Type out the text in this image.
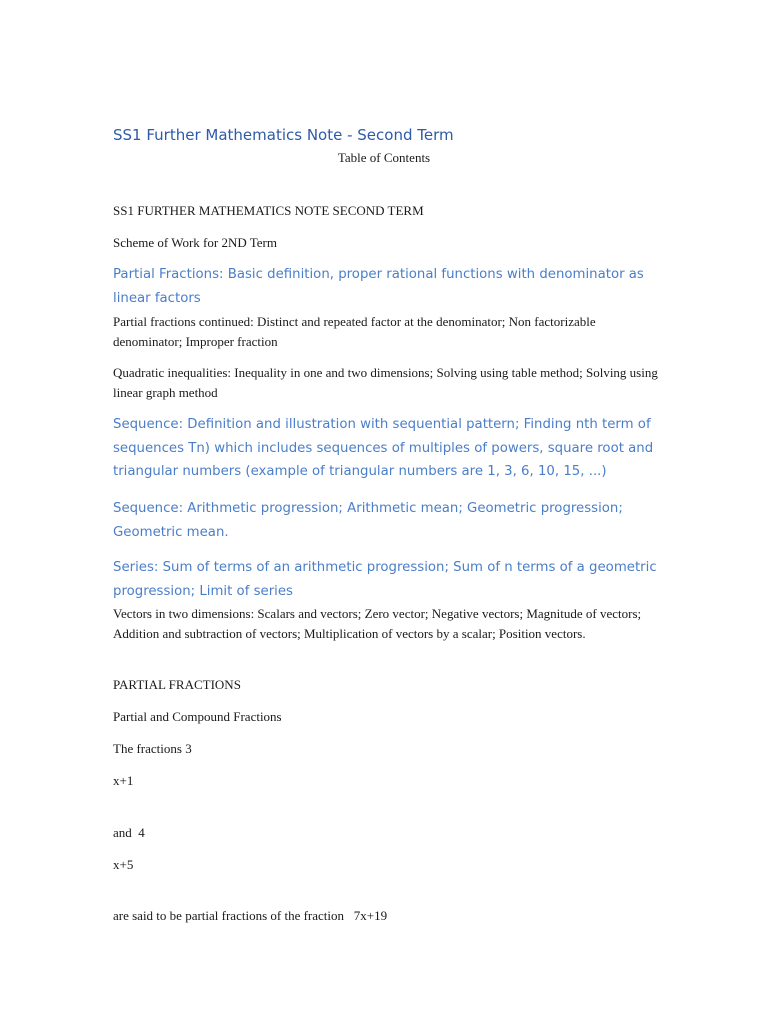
SS1 Further Mathematics Note - Second Term
Table of Contents

SS1 FURTHER MATHEMATICS NOTE SECOND TERM

Scheme of Work for 2ND Term

Partial Fractions: Basic definition, proper rational functions with denominator as linear factors

Partial fractions continued: Distinct and repeated factor at the denominator; Non factorizable denominator; Improper fraction

Quadratic inequalities: Inequality in one and two dimensions; Solving using table method; Solving using linear graph method

Sequence: Definition and illustration with sequential pattern; Finding nth term of sequences Tn) which includes sequences of multiples of powers, square root and triangular numbers (example of triangular numbers are 1, 3, 6, 10, 15, ...)

Sequence: Arithmetic progression; Arithmetic mean; Geometric progression; Geometric mean.

Series: Sum of terms of an arithmetic progression; Sum of n terms of a geometric progression; Limit of series

Vectors in two dimensions: Scalars and vectors; Zero vector; Negative vectors; Magnitude of vectors; Addition and subtraction of vectors; Multiplication of vectors by a scalar; Position vectors.

PARTIAL FRACTIONS

Partial and Compound Fractions

The fractions 3

x+1

and  4

x+5

are said to be partial fractions of the fraction   7x+19
